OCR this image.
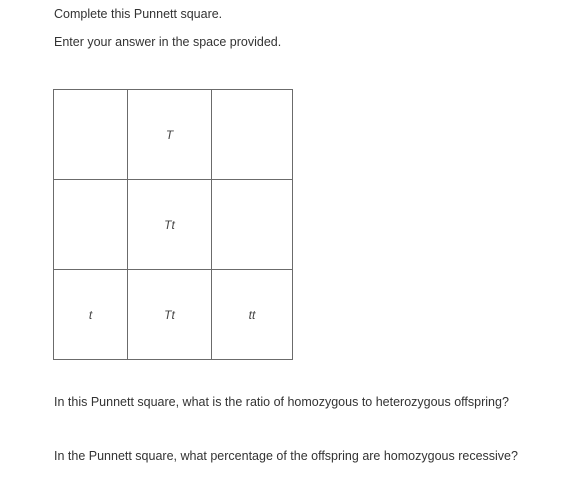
Complete this Punnett square.
Enter your answer in the space provided.

	T	

	Tt	

t	Tt	tt
In this Punnett square, what is the ratio of homozygous to heterozygous offspring?
In the Punnett square, what percentage of the offspring are homozygous recessive?
